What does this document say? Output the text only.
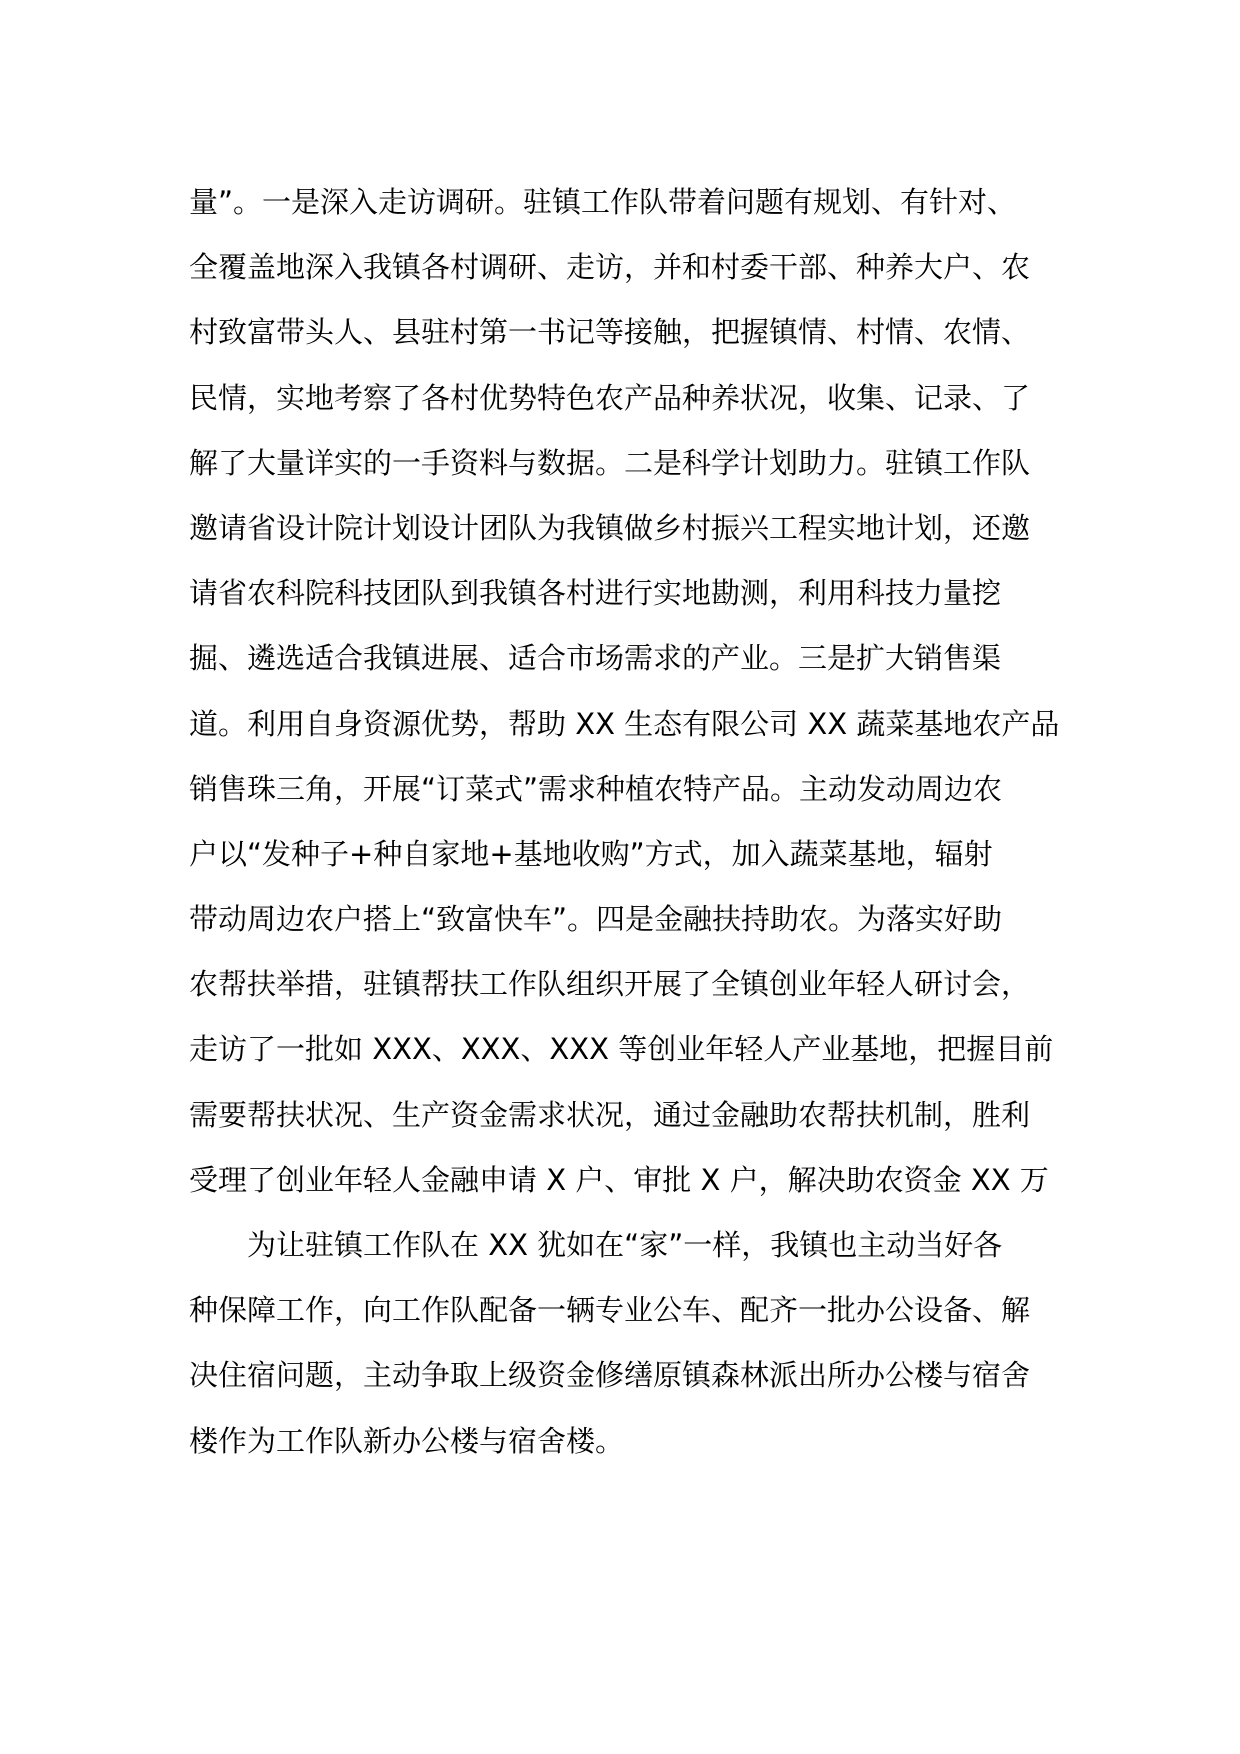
量”。一是深入走访调研。驻镇工作队带着问题有规划、有针对、
全覆盖地深入我镇各村调研、走访，并和村委干部、种养大户、农
村致富带头人、县驻村第一书记等接触，把握镇情、村情、农情、
民情，实地考察了各村优势特色农产品种养状况，收集、记录、了
解了大量详实的一手资料与数据。二是科学计划助力。驻镇工作队
邀请省设计院计划设计团队为我镇做乡村振兴工程实地计划，还邀
请省农科院科技团队到我镇各村进行实地勘测，利用科技力量挖
掘、遴选适合我镇进展、适合市场需求的产业。三是扩大销售渠
道。利用自身资源优势，帮助 XX 生态有限公司 XX 蔬菜基地农产品
销售珠三角，开展“订菜式”需求种植农特产品。主动发动周边农
户以“发种子+种自家地+基地收购”方式，加入蔬菜基地，辐射
带动周边农户搭上“致富快车”。四是金融扶持助农。为落实好助
农帮扶举措，驻镇帮扶工作队组织开展了全镇创业年轻人研讨会，
走访了一批如 XXX、XXX、XXX 等创业年轻人产业基地，把握目前
需要帮扶状况、生产资金需求状况，通过金融助农帮扶机制，胜利
受理了创业年轻人金融申请 X 户、审批 X 户，解决助农资金 XX 万
为让驻镇工作队在 XX 犹如在“家”一样，我镇也主动当好各
种保障工作，向工作队配备一辆专业公车、配齐一批办公设备、解
决住宿问题，主动争取上级资金修缮原镇森林派出所办公楼与宿舍
楼作为工作队新办公楼与宿舍楼。
